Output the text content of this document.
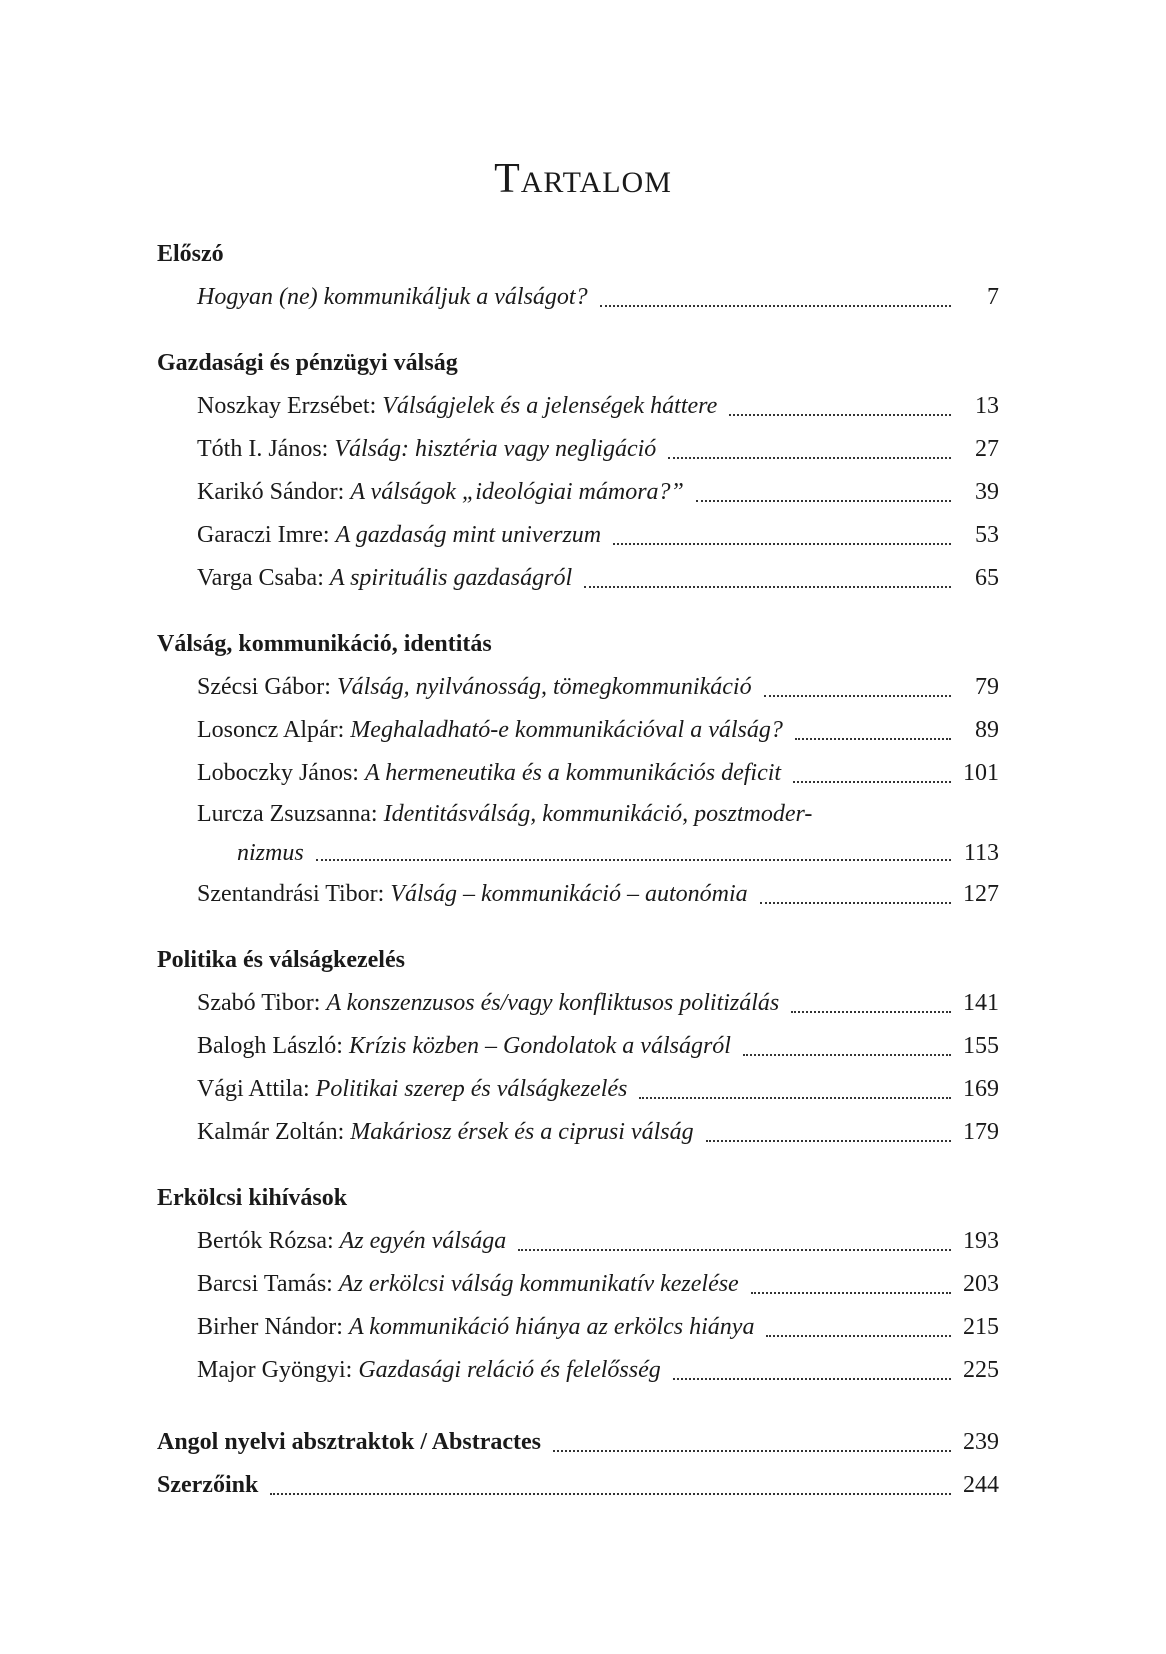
TARTALOM
Előszó
Hogyan (ne) kommunikáljuk a válságot?	7
Gazdasági és pénzügyi válság
Noszkay Erzsébet: Válságjelek és a jelenségek háttere	13
Tóth I. János: Válság: hisztéria vagy negligáció	27
Karikó Sándor: A válságok „ideológiai mámora?”	39
Garaczi Imre: A gazdaság mint univerzum	53
Varga Csaba: A spirituális gazdaságról	65
Válság, kommunikáció, identitás
Szécsi Gábor: Válság, nyilvánosság, tömegkommunikáció	79
Losoncz Alpár: Meghaladható-e kommunikációval a válság?	89
Loboczky János: A hermeneutika és a kommunikációs deficit	101
Lurcza Zsuzsanna: Identitásválság, kommunikáció, posztmoder-
nizmus	113
Szentandrási Tibor: Válság – kommunikáció – autonómia	127
Politika és válságkezelés
Szabó Tibor: A konszenzusos és/vagy konfliktusos politizálás	141
Balogh László: Krízis közben – Gondolatok a válságról	155
Vági Attila: Politikai szerep és válságkezelés	169
Kalmár Zoltán: Makáriosz érsek és a ciprusi válság	179
Erkölcsi kihívások
Bertók Rózsa: Az egyén válsága	193
Barcsi Tamás: Az erkölcsi válság kommunikatív kezelése	203
Birher Nándor: A kommunikáció hiánya az erkölcs hiánya	215
Major Gyöngyi: Gazdasági reláció és felelősség	225
Angol nyelvi absztraktok / Abstractes	239
Szerzőink	244
